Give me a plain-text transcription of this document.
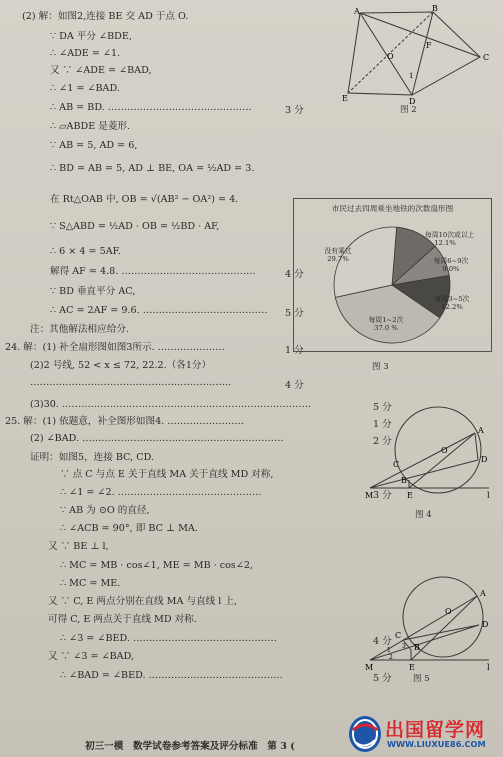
(2) 解：如图2,连接 BE 交 AD 于点 O.
∵ DA 平分 ∠BDE,
∴ ∠ADE = ∠1.
又 ∵ ∠ADE = ∠BAD,
∴ ∠1 = ∠BAD.
∴ AB = BD. ………………………………………
∴ ▱ABDE 是菱形.
∵ AB = 5, AD = 6,
∴ BD = AB = 5, AD ⊥ BE, OA = ½AD = 3.
在 Rt△OAB 中, OB = √(AB² − OA²) = 4.
∵ S△ABD = ½AD · OB = ½BD · AF,
∴ 6 × 4 = 5AF.
解得 AF = 4.8. ……………………………………
∵ BD 垂直平分 AC,
∴ AC = 2AF = 9.6. …………………………………
注：其他解法相应给分.
24. 解：(1) 补全扇形图如图3所示. …………………
(2)2 号线, 52 < x ≤ 72, 22.2.（各1分）
………………………………………………………
(3)30. ……………………………………………………………………
25. 解：(1) 依题意，补全图形如图4. ……………………
(2) ∠BAD. ………………………………………………………
证明：如图5，连接 BC, CD.
∵ 点 C 与点 E 关于直线 MA 关于直线 MD 对称,
∴ ∠1 = ∠2. ………………………………………
∵ AB 为 ⊙O 的直径,
∴ ∠ACB = 90°, 即 BC ⊥ MA.
又 ∵ BE ⊥ l,
∴ MC = MB · cos∠1, ME = MB · cos∠2,
∴ MC = ME.
又 ∵ C, E 两点分别在直线 MA 与直线 l 上,
可得 C, E 两点关于直线 MD 对称.
∴ ∠3 = ∠BED. ………………………………………
又 ∵ ∠3 = ∠BAD,
∴ ∠BAD = ∠BED. ……………………………………
3 分
4 分
5 分
1 分
4 分
5 分
1 分
2 分
3 分
4 分
5 分
A	B
C
D
E
F
O
1
图 2
市民过去四周乘坐地铁的次数扇形图
每周10次或以上
12.1%
每周6~9次
9.0%
每周3~5次
12.2%
每周1~2次
37.0 %
没有乘过
29.7%
图 3
A
B
C
D
E
M
O
l
图 4
A
B
C
D
E
M
O
l
1
2
3
图 5
初三一模　数学试卷参考答案及评分标准　第 3 (
出国留学网
WWW.LIUXUE86.COM
